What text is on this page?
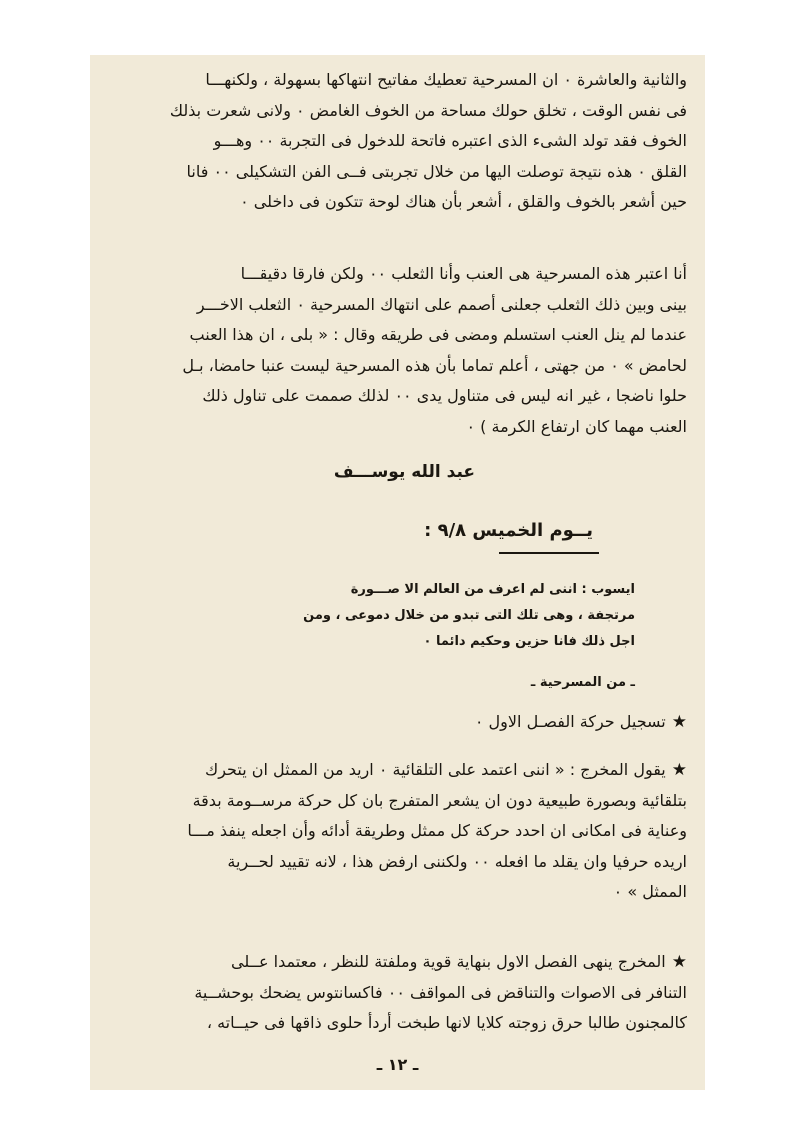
والثانية والعاشرة ٠ ان المسرحية تعطيك مفاتيح انتهاكها بسهولة ، ولكنهـــا
فى نفس الوقت ، تخلق حولك مساحة من الخوف الغامض ٠ ولانى شعرت بذلك
الخوف فقد تولد الشىء الذى اعتبره فاتحة للدخول فى التجربة ٠٠ وهـــو
القلق ٠ هذه نتيجة توصلت اليها من خلال تجربتى فــى الفن التشكيلى ٠٠ فانا
حين أشعر بالخوف والقلق ، أشعر بأن هناك لوحة تتكون فى داخلى ٠
أنا اعتبر هذه المسرحية هى العنب وأنا الثعلب ٠٠ ولكن فارقا دقيقـــا
بينى وبين ذلك الثعلب جعلنى أصمم على انتهاك المسرحية ٠ الثعلب الاخـــر
عندما لم ينل العنب استسلم ومضى فى طريقه وقال : « بلى ، ان هذا العنب
لحامض » ٠ من جهتى ، أعلم تماما بأن هذه المسرحية ليست عنبا حامضا، بـل
حلوا ناضجا ، غير انه ليس فى متناول يدى ٠٠ لذلك صممت على تناول ذلك
العنب مهما كان ارتفاع الكرمة ) ٠
عبد الله يوســـف
يــوم الخميس ٩/٨ :
ايسوب : اننى لم اعرف من العالم الا صـــورة
مرتجفة ، وهى تلك التى تبدو من خلال دموعى ، ومن
اجل ذلك فانا حزين وحكيم دائما ٠
ـ من المسرحية ـ
★تسجيل حركة الفصـل الاول ٠
★يقول المخرج : « اننى اعتمد على التلقائية ٠ اريد من الممثل ان يتحرك
بتلقائية وبصورة طبيعية دون ان يشعر المتفرج بان كل حركة مرســومة بدقة
وعناية فى امكانى ان احدد حركة كل ممثل وطريقة أدائه وأن اجعله ينفذ مـــا
اريده حرفيا وان يقلد ما افعله ٠٠ ولكننى ارفض هذا ، لانه تقييد لحــرية
الممثل » ٠
★المخرج ينهى الفصل الاول بنهاية قوية وملفتة للنظر ، معتمدا عــلى
التنافر فى الاصوات والتناقض فى المواقف ٠٠ فاكسانتوس يضحك بوحشــية
كالمجنون طالبا حرق زوجته كلايا لانها طبخت أردأ حلوى ذاقها فى حيــاته ،
ـ ١٢ ـ
